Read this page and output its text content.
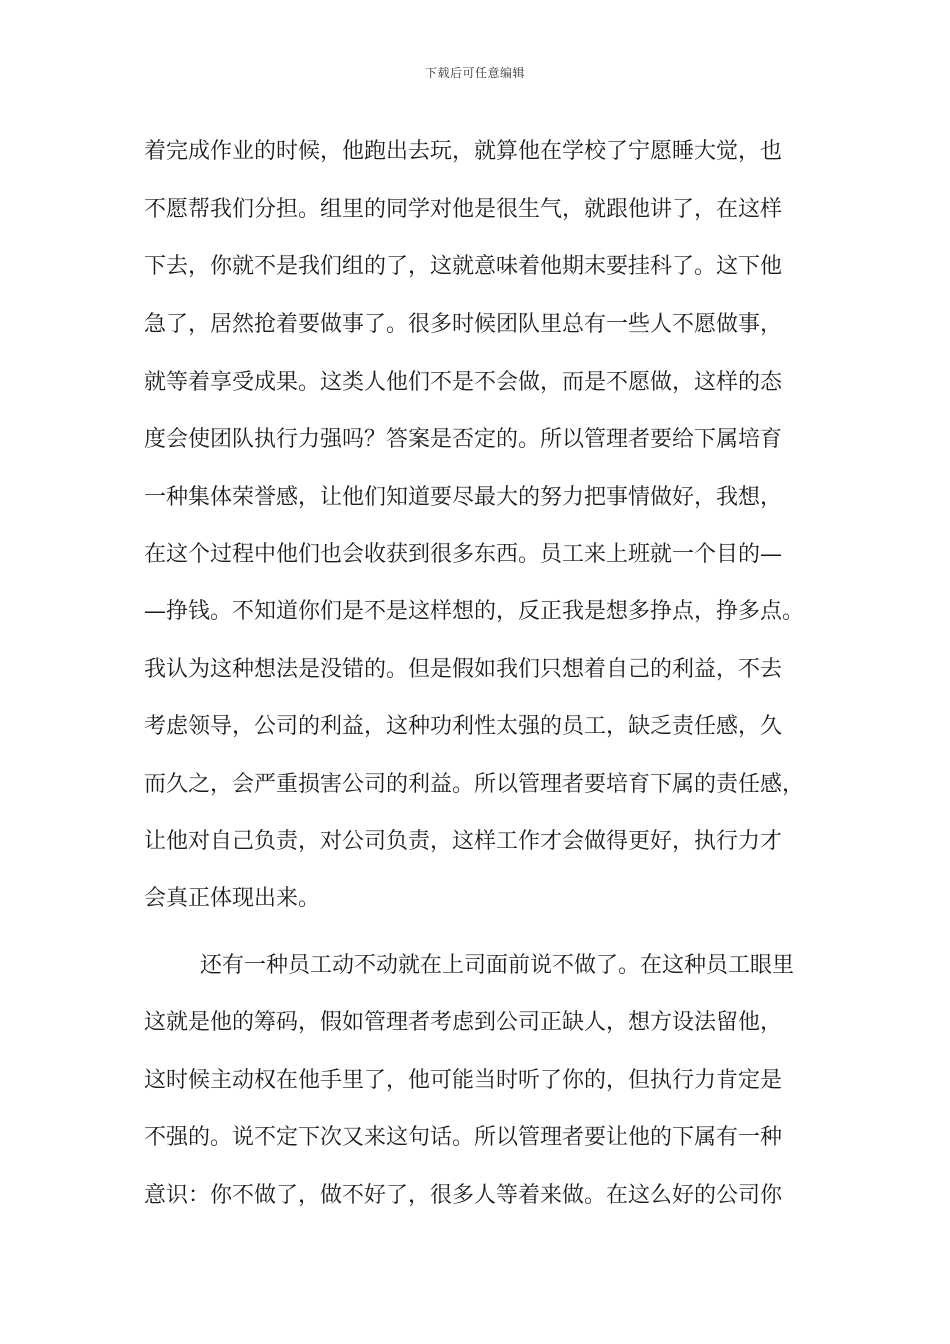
下载后可任意编辑
着完成作业的时候，他跑出去玩，就算他在学校了宁愿睡大觉，也
不愿帮我们分担。组里的同学对他是很生气，就跟他讲了，在这样
下去，你就不是我们组的了，这就意味着他期末要挂科了。这下他
急了，居然抢着要做事了。很多时候团队里总有一些人不愿做事，
就等着享受成果。这类人他们不是不会做，而是不愿做，这样的态
度会使团队执行力强吗？答案是否定的。所以管理者要给下属培育
一种集体荣誉感，让他们知道要尽最大的努力把事情做好，我想，
在这个过程中他们也会收获到很多东西。员工来上班就一个目的—
—挣钱。不知道你们是不是这样想的，反正我是想多挣点，挣多点。
我认为这种想法是没错的。但是假如我们只想着自己的利益，不去
考虑领导，公司的利益，这种功利性太强的员工，缺乏责任感，久
而久之，会严重损害公司的利益。所以管理者要培育下属的责任感，
让他对自己负责，对公司负责，这样工作才会做得更好，执行力才
会真正体现出来。
还有一种员工动不动就在上司面前说不做了。在这种员工眼里
这就是他的筹码，假如管理者考虑到公司正缺人，想方设法留他，
这时候主动权在他手里了，他可能当时听了你的，但执行力肯定是
不强的。说不定下次又来这句话。所以管理者要让他的下属有一种
意识：你不做了，做不好了，很多人等着来做。在这么好的公司你
